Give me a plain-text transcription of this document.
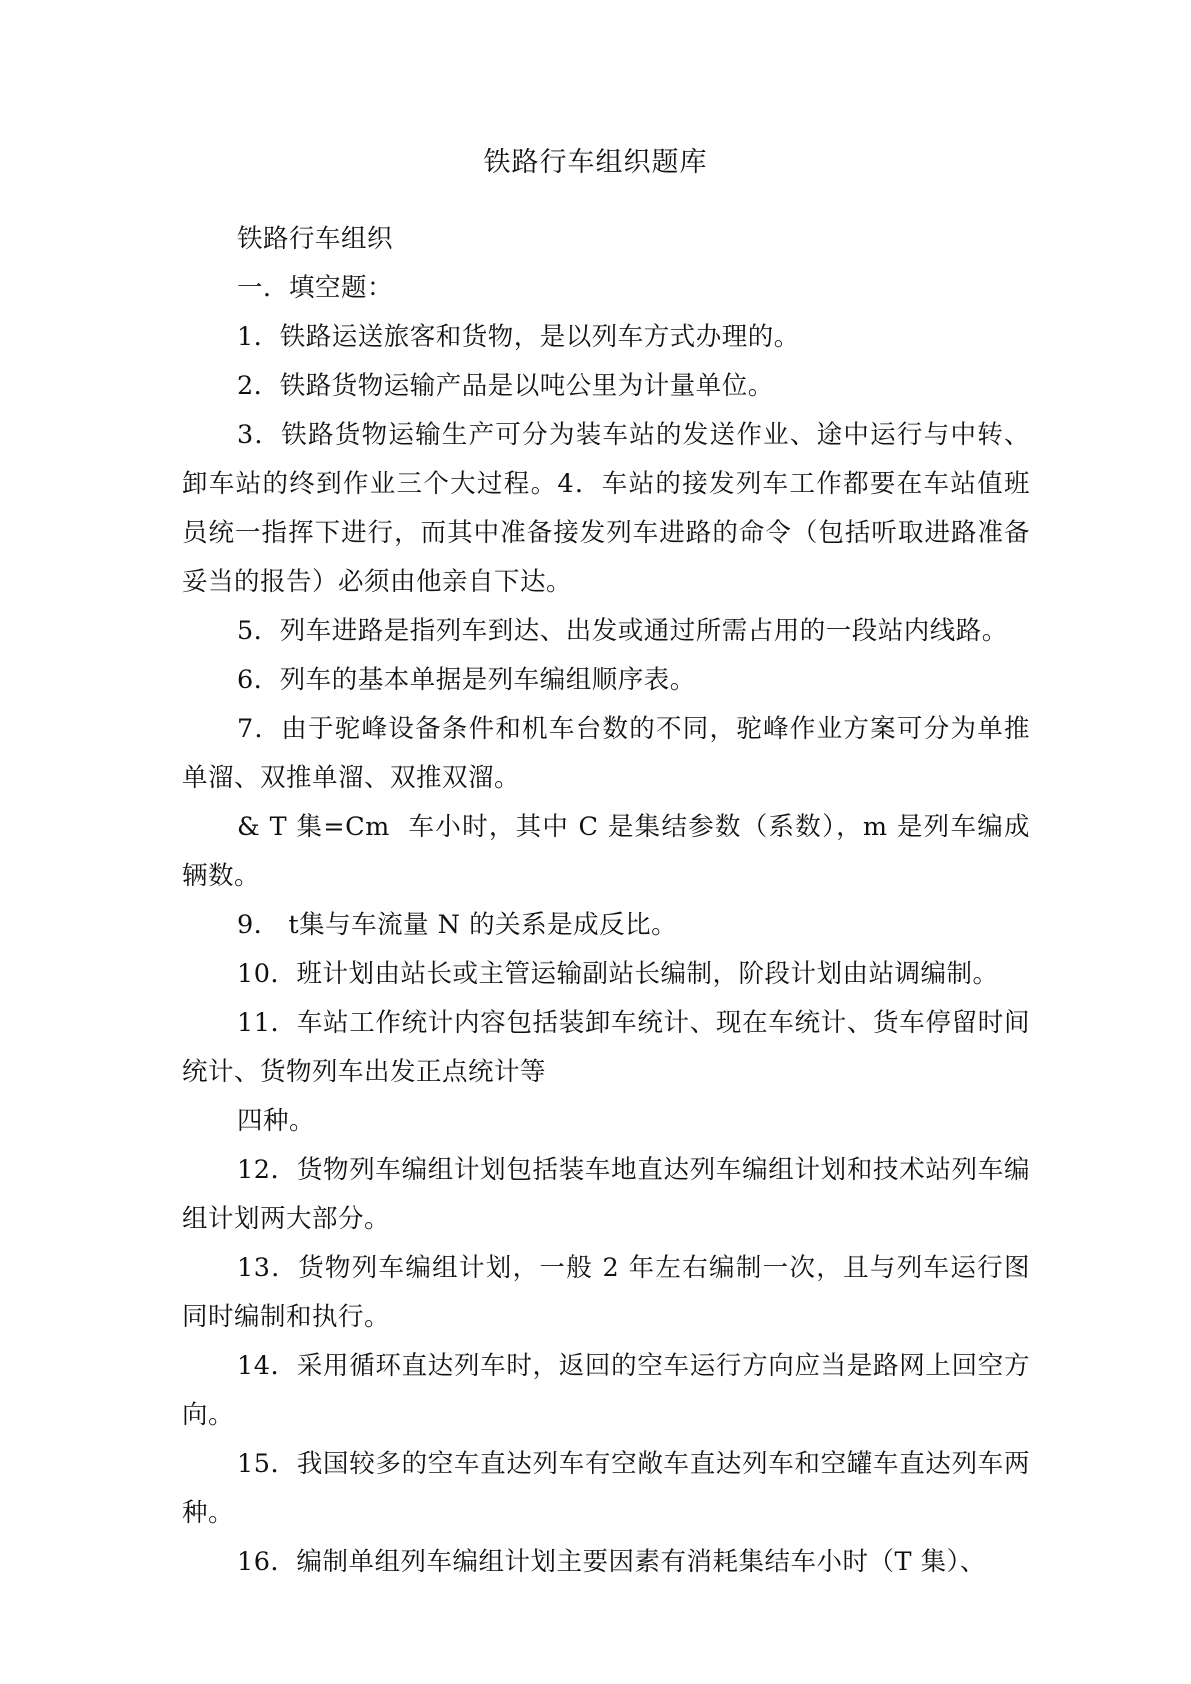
铁路行车组织题库

铁路行车组织

一．填空题：

1．铁路运送旅客和货物，是以列车方式办理的。

2．铁路货物运输产品是以吨公里为计量单位。

3．铁路货物运输生产可分为装车站的发送作业、途中运行与中转、卸车站的终到作业三个大过程。4．车站的接发列车工作都要在车站值班员统一指挥下进行，而其中准备接发列车进路的命令（包括听取进路准备妥当的报告）必须由他亲自下达。

5．列车进路是指列车到达、出发或通过所需占用的一段站内线路。

6．列车的基本单据是列车编组顺序表。

7．由于驼峰设备条件和机车台数的不同，驼峰作业方案可分为单推单溜、双推单溜、双推双溜。

& T 集=Cm  车小时，其中 C 是集结参数（系数），m 是列车编成辆数。

9． t集与车流量 N 的关系是成反比。

10．班计划由站长或主管运输副站长编制，阶段计划由站调编制。

11．车站工作统计内容包括装卸车统计、现在车统计、货车停留时间统计、货物列车出发正点统计等

四种。

12．货物列车编组计划包括装车地直达列车编组计划和技术站列车编组计划两大部分。

13．货物列车编组计划，一般 2 年左右编制一次，且与列车运行图同时编制和执行。

14．采用循环直达列车时，返回的空车运行方向应当是路网上回空方向。

15．我国较多的空车直达列车有空敞车直达列车和空罐车直达列车两种。

16．编制单组列车编组计划主要因素有消耗集结车小时（T 集）、
